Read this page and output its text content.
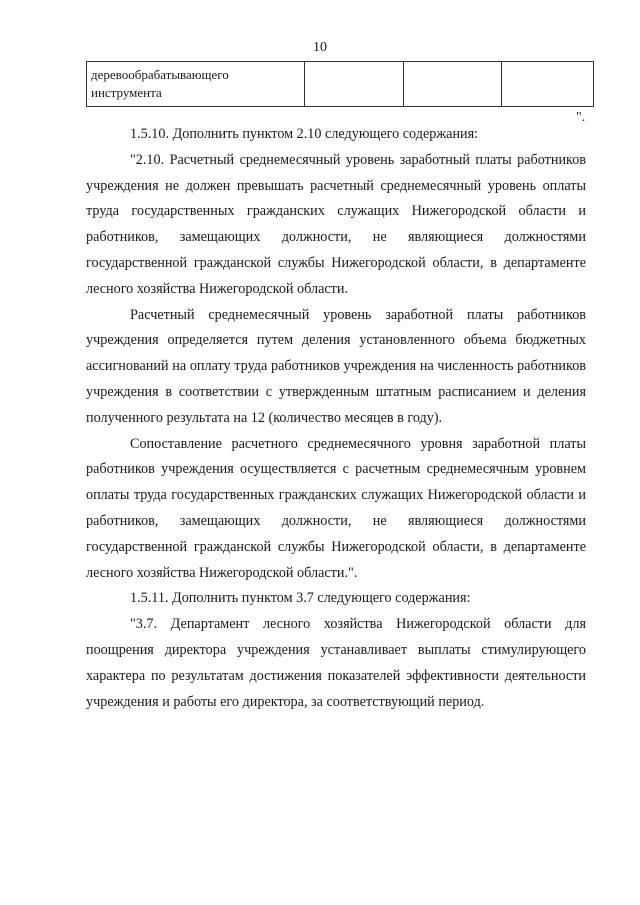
10
деревообрабатывающего инструмента			
".

1.5.10. Дополнить пунктом 2.10 следующего содержания:

"2.10. Расчетный среднемесячный уровень заработный платы работников учреждения не должен превышать расчетный среднемесячный уровень оплаты труда государственных гражданских служащих Нижегородской области и работников, замещающих должности, не являющиеся должностями государственной гражданской службы Нижегородской области, в департаменте лесного хозяйства Нижегородской области.

Расчетный среднемесячный уровень заработной платы работников учреждения определяется путем деления установленного объема бюджетных ассигнований на оплату труда работников учреждения на численность работников учреждения в соответствии с утвержденным штатным расписанием и деления полученного результата на 12 (количество месяцев в году).

Сопоставление расчетного среднемесячного уровня заработной платы работников учреждения осуществляется с расчетным среднемесячным уровнем оплаты труда государственных гражданских служащих Нижегородской области и работников, замещающих должности, не являющиеся должностями государственной гражданской службы Нижегородской области, в департаменте лесного хозяйства Нижегородской области.".

1.5.11. Дополнить пунктом 3.7 следующего содержания:

"3.7. Департамент лесного хозяйства Нижегородской области для поощрения директора учреждения устанавливает выплаты стимулирующего характера по результатам достижения показателей эффективности деятельности учреждения и работы его директора, за соответствующий период.
